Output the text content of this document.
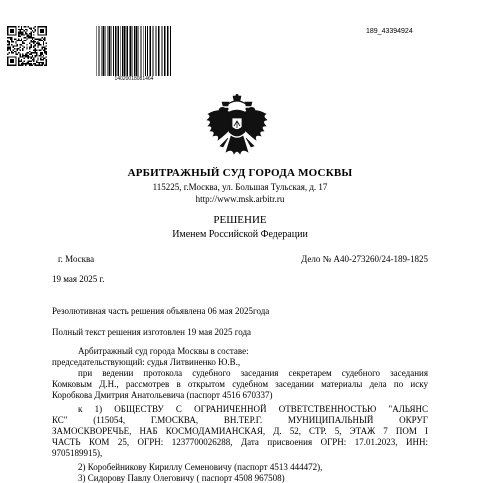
14020018081464
189_43394924
АРБИТРАЖНЫЙ СУД ГОРОДА МОСКВЫ
115225, г.Москва, ул. Большая Тульская, д. 17
http://www.msk.arbitr.ru
РЕШЕНИЕ
Именем Российской Федерации
г. Москва	Дело № А40-273260/24-189-1825
19 мая 2025 г.
Резолютивная часть решения объявлена 06 мая 2025года
Полный текст решения изготовлен 19 мая 2025 года
Арбитражный суд города Москвы в составе:
председательствующий: судья Литвиненко Ю.В.,
при ведении протокола судебного заседания секретарем судебного заседания
Комковым Д.Н., рассмотрев в открытом судебном заседании материалы дела по иску
Коробкова Дмитрия Анатольевича (паспорт 4516 670337)
к 1) ОБЩЕСТВУ С ОГРАНИЧЕННОЙ ОТВЕТСТВЕННОСТЬЮ "АЛЬЯНС
КС" (115054, Г.МОСКВА, ВН.ТЕР.Г. МУНИЦИПАЛЬНЫЙ ОКРУГ
ЗАМОСКВОРЕЧЬЕ, НАБ КОСМОДАМИАНСКАЯ, Д. 52, СТР. 5, ЭТАЖ 7 ПОМ I
ЧАСТЬ КОМ 25, ОГРН: 1237700026288, Дата присвоения ОГРН: 17.01.2023, ИНН:
9705189915),
2) Коробейникову Кириллу Семеновичу (паспорт 4513 444472),
3) Сидорову Павлу Олеговичу ( паспорт 4508 967508)
